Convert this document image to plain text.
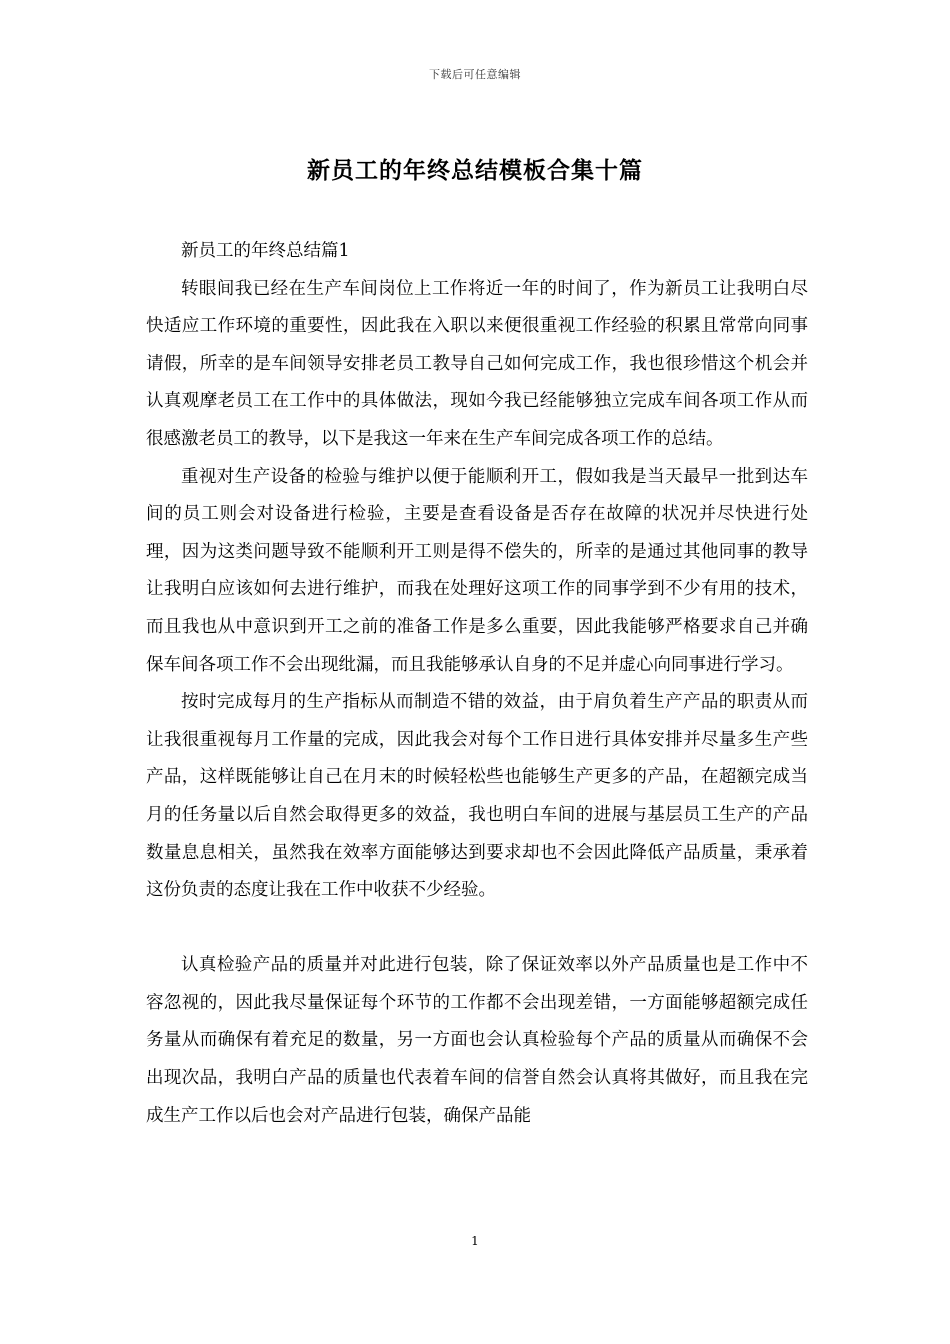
下载后可任意编辑
新员工的年终总结模板合集十篇

新员工的年终总结篇1

转眼间我已经在生产车间岗位上工作将近一年的时间了，作为新员工让我明白尽快适应工作环境的重要性，因此我在入职以来便很重视工作经验的积累且常常向同事请假，所幸的是车间领导安排老员工教导自己如何完成工作，我也很珍惜这个机会并认真观摩老员工在工作中的具体做法，现如今我已经能够独立完成车间各项工作从而很感激老员工的教导，以下是我这一年来在生产车间完成各项工作的总结。

重视对生产设备的检验与维护以便于能顺利开工，假如我是当天最早一批到达车间的员工则会对设备进行检验，主要是查看设备是否存在故障的状况并尽快进行处理，因为这类问题导致不能顺利开工则是得不偿失的，所幸的是通过其他同事的教导让我明白应该如何去进行维护，而我在处理好这项工作的同事学到不少有用的技术，而且我也从中意识到开工之前的准备工作是多么重要，因此我能够严格要求自己并确保车间各项工作不会出现纰漏，而且我能够承认自身的不足并虚心向同事进行学习。

按时完成每月的生产指标从而制造不错的效益，由于肩负着生产产品的职责从而让我很重视每月工作量的完成，因此我会对每个工作日进行具体安排并尽量多生产些产品，这样既能够让自己在月末的时候轻松些也能够生产更多的产品，在超额完成当月的任务量以后自然会取得更多的效益，我也明白车间的进展与基层员工生产的产品数量息息相关，虽然我在效率方面能够达到要求却也不会因此降低产品质量，秉承着这份负责的态度让我在工作中收获不少经验。

认真检验产品的质量并对此进行包装，除了保证效率以外产品质量也是工作中不容忽视的，因此我尽量保证每个环节的工作都不会出现差错，一方面能够超额完成任务量从而确保有着充足的数量，另一方面也会认真检验每个产品的质量从而确保不会出现次品，我明白产品的质量也代表着车间的信誉自然会认真将其做好，而且我在完成生产工作以后也会对产品进行包装，确保产品能

1
